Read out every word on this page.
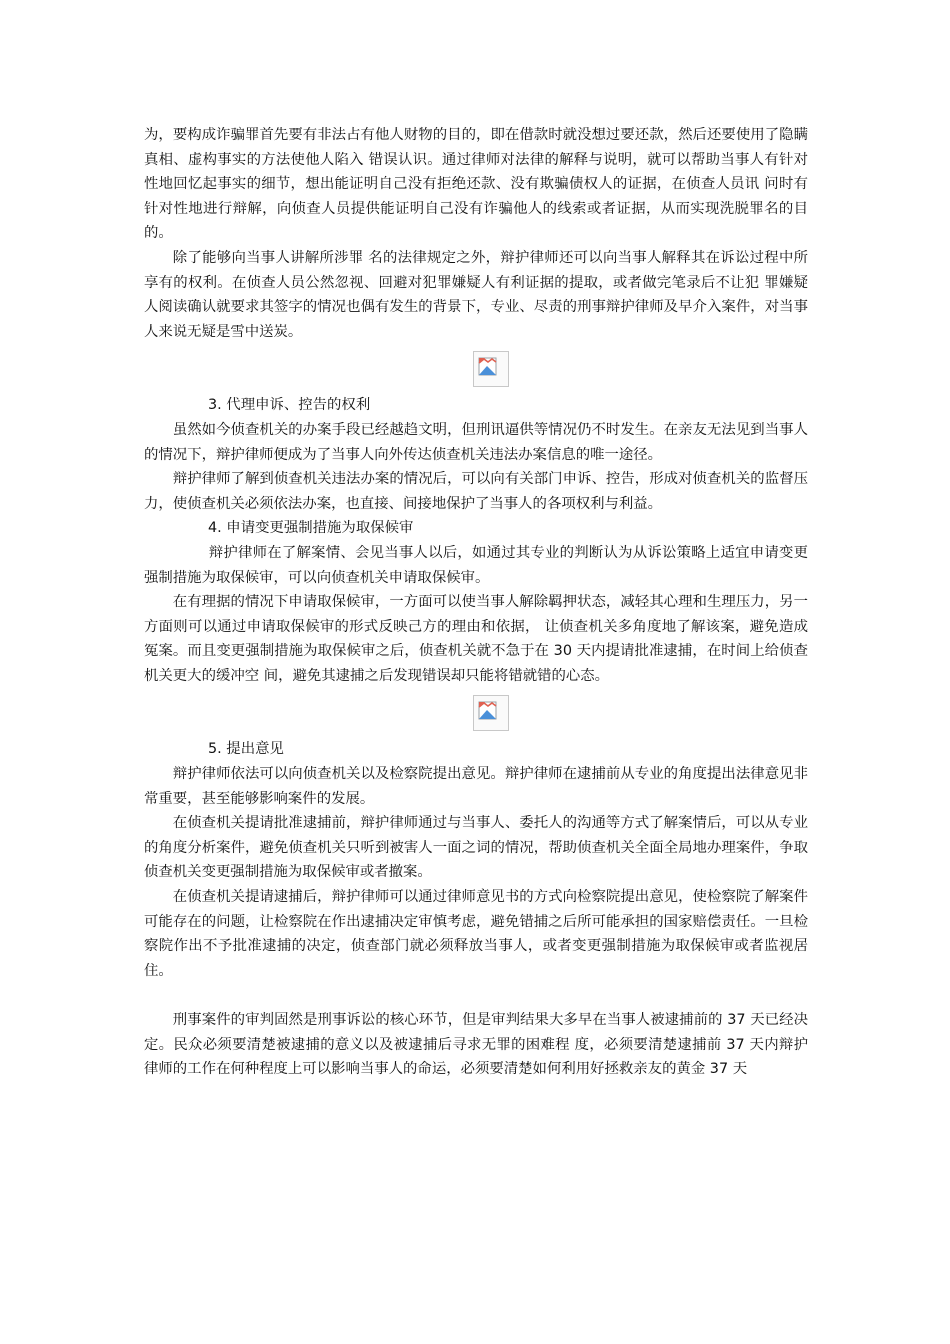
为，要构成诈骗罪首先要有非法占有他人财物的目的，即在借款时就没想过要还款，然后还要使用了隐瞒真相、虚构事实的方法使他人陷入 错误认识。通过律师对法律的解释与说明，就可以帮助当事人有针对性地回忆起事实的细节，想出能证明自己没有拒绝还款、没有欺骗债权人的证据，在侦查人员讯 问时有针对性地进行辩解，向侦查人员提供能证明自己没有诈骗他人的线索或者证据，从而实现洗脱罪名的目的。

除了能够向当事人讲解所涉罪 名的法律规定之外，辩护律师还可以向当事人解释其在诉讼过程中所享有的权利。在侦查人员公然忽视、回避对犯罪嫌疑人有利证据的提取，或者做完笔录后不让犯 罪嫌疑人阅读确认就要求其签字的情况也偶有发生的背景下，专业、尽责的刑事辩护律师及早介入案件，对当事人来说无疑是雪中送炭。

3. 代理申诉、控告的权利

虽然如今侦查机关的办案手段已经越趋文明，但刑讯逼供等情况仍不时发生。在亲友无法见到当事人的情况下，辩护律师便成为了当事人向外传达侦查机关违法办案信息的唯一途径。

辩护律师了解到侦查机关违法办案的情况后，可以向有关部门申诉、控告，形成对侦查机关的监督压力，使侦查机关必须依法办案，也直接、间接地保护了当事人的各项权利与利益。

4. 申请变更强制措施为取保候审

辩护律师在了解案情、会见当事人以后，如通过其专业的判断认为从诉讼策略上适宜申请变更强制措施为取保候审，可以向侦查机关申请取保候审。

在有理据的情况下申请取保候审，一方面可以使当事人解除羁押状态，减轻其心理和生理压力，另一方面则可以通过申请取保候审的形式反映己方的理由和依据， 让侦查机关多角度地了解该案，避免造成冤案。而且变更强制措施为取保候审之后，侦查机关就不急于在 30 天内提请批准逮捕，在时间上给侦查机关更大的缓冲空 间，避免其逮捕之后发现错误却只能将错就错的心态。

5. 提出意见

辩护律师依法可以向侦查机关以及检察院提出意见。辩护律师在逮捕前从专业的角度提出法律意见非常重要，甚至能够影响案件的发展。

在侦查机关提请批准逮捕前，辩护律师通过与当事人、委托人的沟通等方式了解案情后，可以从专业的角度分析案件，避免侦查机关只听到被害人一面之词的情况，帮助侦查机关全面全局地办理案件，争取侦查机关变更强制措施为取保候审或者撤案。

在侦查机关提请逮捕后，辩护律师可以通过律师意见书的方式向检察院提出意见，使检察院了解案件可能存在的问题，让检察院在作出逮捕决定审慎考虑，避免错捕之后所可能承担的国家赔偿责任。一旦检察院作出不予批准逮捕的决定，侦查部门就必须释放当事人，或者变更强制措施为取保候审或者监视居住。

刑事案件的审判固然是刑事诉讼的核心环节，但是审判结果大多早在当事人被逮捕前的 37 天已经决定。民众必须要清楚被逮捕的意义以及被逮捕后寻求无罪的困难程 度，必须要清楚逮捕前 37 天内辩护律师的工作在何种程度上可以影响当事人的命运，必须要清楚如何利用好拯救亲友的黄金 37 天
